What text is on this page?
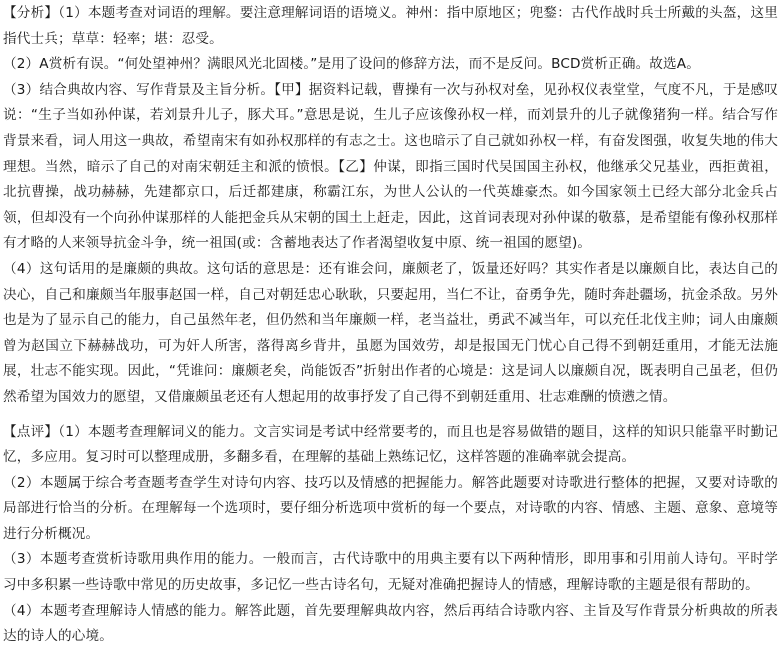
【分析】（1）本题考查对词语的理解。要注意理解词语的语境义。神州：指中原地区；兜鍪：古代作战时兵士所戴的头盔，这里指代士兵；草草：轻率；堪：忍受。

（2）A赏析有误。“何处望神州？满眼风光北固楼。”是用了设问的修辞方法，而不是反问。BCD赏析正确。故选A。

（3）结合典故内容、写作背景及主旨分析。【甲】据资料记载，曹操有一次与孙权对垒，见孙权仪表堂堂，气度不凡，于是感叹说：“生子当如孙仲谋，若刘景升儿子，豚犬耳。”意思是说，生儿子应该像孙权一样，而刘景升的儿子就像猪狗一样。结合写作背景来看，词人用这一典故，希望南宋有如孙权那样的有志之士。这也暗示了自己就如孙权一样，有奋发图强，收复失地的伟大理想。当然，暗示了自己的对南宋朝廷主和派的愤恨。【乙】仲谋，即指三国时代吴国国主孙权，他继承父兄基业，西拒黄祖，北抗曹操，战功赫赫，先建都京口，后迁都建康，称霸江东，为世人公认的一代英雄豪杰。如今国家领土已经大部分北金兵占领，但却没有一个向孙仲谋那样的人能把金兵从宋朝的国土上赶走，因此，这首词表现对孙仲谋的敬慕，是希望能有像孙权那样有才略的人来领导抗金斗争，统一祖国(或：含蓄地表达了作者渴望收复中原、统一祖国的愿望)。

（4）这句话用的是廉颇的典故。这句话的意思是：还有谁会问，廉颇老了，饭量还好吗？其实作者是以廉颇自比，表达自己的决心，自己和廉颇当年服事赵国一样，自己对朝廷忠心耿耿，只要起用，当仁不让，奋勇争先，随时奔赴疆场，抗金杀敌。另外也是为了显示自己的能力，自己虽然年老，但仍然和当年廉颇一样，老当益壮，勇武不减当年，可以充任北伐主帅；词人由廉颇曾为赵国立下赫赫战功，可为奸人所害，落得离乡背井，虽愿为国效劳，却是报国无门忧心自己得不到朝廷重用，才能无法施展，壮志不能实现。因此，“凭谁问：廉颇老矣，尚能饭否”折射出作者的心境是：这是词人以廉颇自况，既表明自己虽老，但仍然希望为国效力的愿望，又借廉颇虽老还有人想起用的故事抒发了自己得不到朝廷重用、壮志难酬的愤懑之情。

【点评】（1）本题考查理解词义的能力。文言实词是考试中经常要考的，而且也是容易做错的题目，这样的知识只能靠平时勤记忆，多应用。复习时可以整理成册，多翻多看，在理解的基础上熟练记忆，这样答题的准确率就会提高。

（2）本题属于综合考查题考查学生对诗句内容、技巧以及情感的把握能力。解答此题要对诗歌进行整体的把握，又要对诗歌的局部进行恰当的分析。在理解每一个选项时，要仔细分析选项中赏析的每一个要点，对诗歌的内容、情感、主题、意象、意境等进行分析概况。

（3）本题考查赏析诗歌用典作用的能力。一般而言，古代诗歌中的用典主要有以下两种情形，即用事和引用前人诗句。平时学习中多积累一些诗歌中常见的历史故事，多记忆一些古诗名句，无疑对准确把握诗人的情感，理解诗歌的主题是很有帮助的。

（4）本题考查理解诗人情感的能力。解答此题，首先要理解典故内容，然后再结合诗歌内容、主旨及写作背景分析典故的所表达的诗人的心境。
